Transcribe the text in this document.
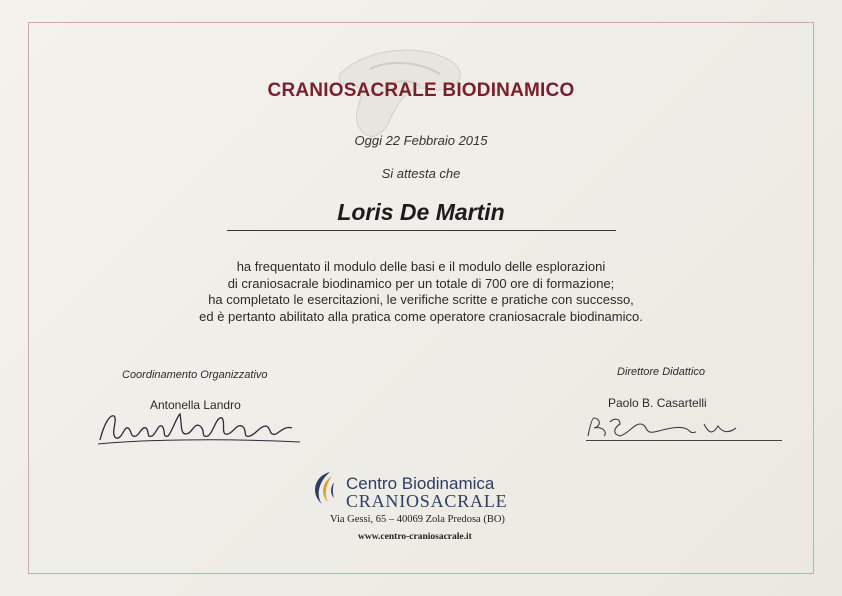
CRANIOSACRALE BIODINAMICO
Oggi 22 Febbraio 2015
Si attesta che
Loris De Martin
ha frequentato il modulo delle basi e il modulo delle esplorazioni
di craniosacrale biodinamico per un totale di 700 ore di formazione;
ha completato le esercitazioni, le verifiche scritte e pratiche con successo,
ed è pertanto abilitato alla pratica come operatore craniosacrale biodinamico.
Coordinamento Organizzativo
Antonella Landro
Direttore Didattico
Paolo B. Casartelli
Centro Biodinamica
CRANIOSACRALE
Via Gessi, 65 – 40069 Zola Predosa (BO)
www.centro-craniosacrale.it
